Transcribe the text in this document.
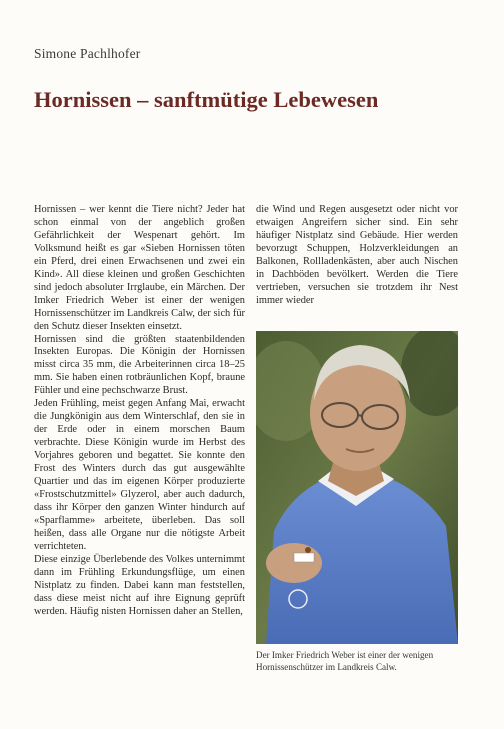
Simone Pachlhofer
Hornissen – sanftmütige Lebewesen

Hornissen – wer kennt die Tiere nicht? Jeder hat schon einmal von der angeblich großen Gefährlichkeit der Wespenart gehört. Im Volksmund heißt es gar «Sieben Hornissen töten ein Pferd, drei einen Erwachsenen und zwei ein Kind». All diese kleinen und großen Geschichten sind jedoch absoluter Irrglaube, ein Märchen. Der Imker Friedrich Weber ist einer der wenigen Hornissenschützer im Landkreis Calw, der sich für den Schutz dieser Insekten einsetzt.

Hornissen sind die größten staatenbildenden Insekten Europas. Die Königin der Hornissen misst circa 35 mm, die Arbeiterinnen circa 18–25 mm. Sie haben einen rotbräunlichen Kopf, braune Fühler und eine pechschwarze Brust.

Jeden Frühling, meist gegen Anfang Mai, erwacht die Jungkönigin aus dem Winterschlaf, den sie in der Erde oder in einem morschen Baum verbrachte. Diese Königin wurde im Herbst des Vorjahres geboren und begattet. Sie konnte den Frost des Winters durch das gut ausgewählte Quartier und das im eigenen Körper produzierte «Frostschutzmittel» Glyzerol, aber auch dadurch, dass ihr Körper den ganzen Winter hindurch auf «Sparflamme» arbeitete, überleben. Das soll heißen, dass alle Organe nur die nötigste Arbeit verrichteten.

Diese einzige Überlebende des Volkes unternimmt dann im Frühling Erkundungsflüge, um einen Nistplatz zu finden. Dabei kann man feststellen, dass diese meist nicht auf ihre Eignung geprüft werden. Häufig nisten Hornissen daher an Stellen,

die Wind und Regen ausgesetzt oder nicht vor etwaigen Angreifern sicher sind. Ein sehr häufiger Nistplatz sind Gebäude. Hier werden bevorzugt Schuppen, Holzverkleidungen an Balkonen, Rollladenkästen, aber auch Nischen in Dachböden bevölkert. Werden die Tiere vertrieben, versuchen sie trotzdem ihr Nest immer wieder

Der Imker Friedrich Weber ist einer der wenigen Hornissenschützer im Landkreis Calw.
